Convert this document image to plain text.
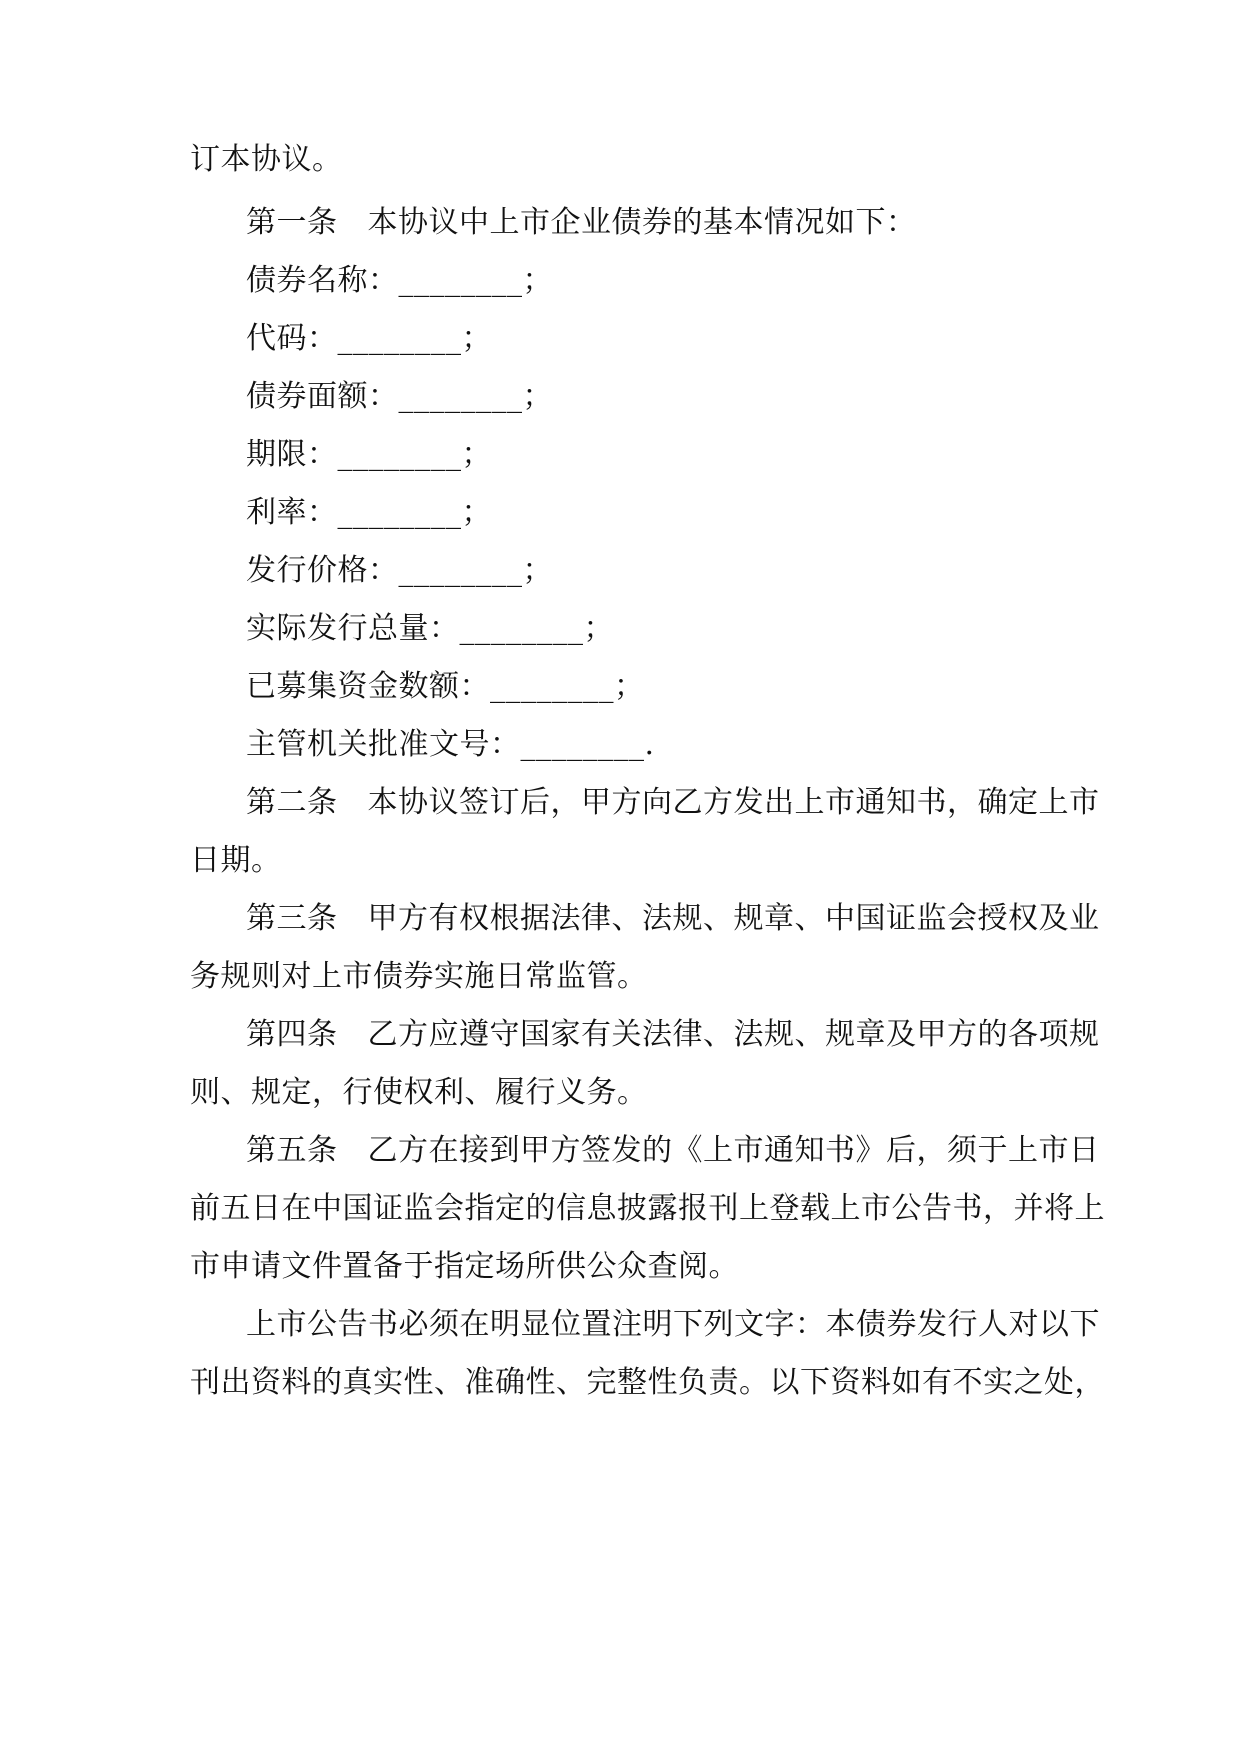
订本协议。
第一条 本协议中上市企业债券的基本情况如下：
债券名称：________；
代码：________；
债券面额：________；
期限：________；
利率：________；
发行价格：________；
实际发行总量：________；
已募集资金数额：________；
主管机关批准文号：________.
第二条 本协议签订后，甲方向乙方发出上市通知书，确定上市
日期。
第三条 甲方有权根据法律、法规、规章、中国证监会授权及业
务规则对上市债券实施日常监管。
第四条 乙方应遵守国家有关法律、法规、规章及甲方的各项规
则、规定，行使权利、履行义务。
第五条 乙方在接到甲方签发的《上市通知书》后，须于上市日
前五日在中国证监会指定的信息披露报刊上登载上市公告书，并将上
市申请文件置备于指定场所供公众查阅。
上市公告书必须在明显位置注明下列文字：本债券发行人对以下
刊出资料的真实性、准确性、完整性负责。以下资料如有不实之处，
